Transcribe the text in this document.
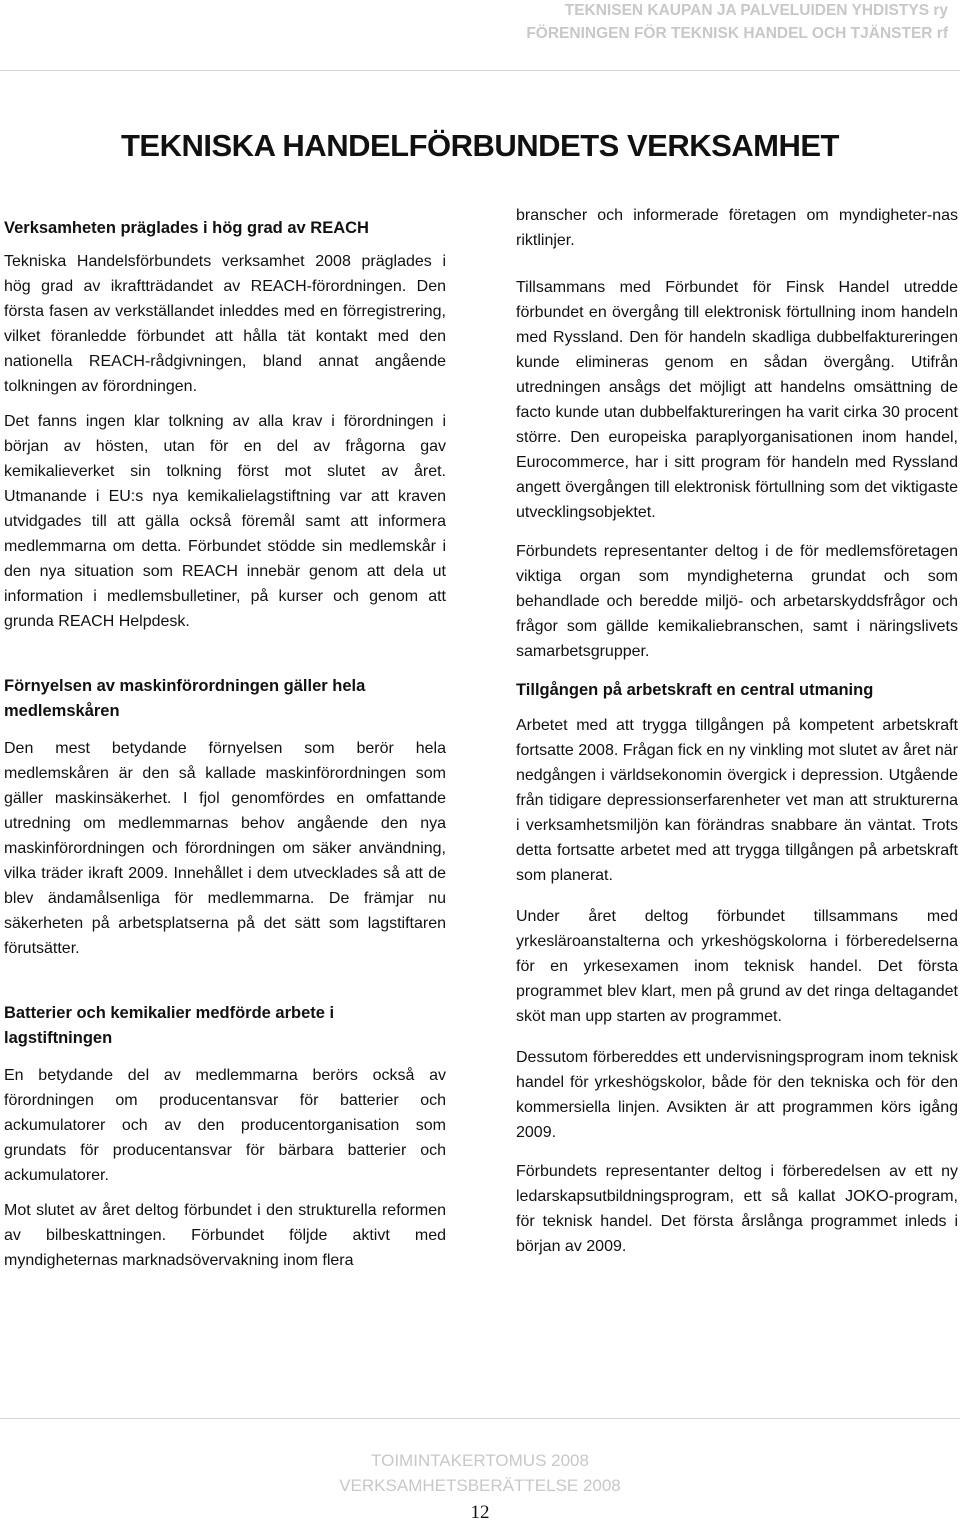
TEKNISEN KAUPAN JA PALVELUIDEN YHDISTYS ry
FÖRENINGEN FÖR TEKNISK HANDEL OCH TJÄNSTER rf
TEKNISKA HANDELFÖRBUNDETS VERKSAMHET
Verksamheten präglades i hög grad av REACH

Tekniska Handelsförbundets verksamhet 2008 präglades i hög grad av ikraftträdandet av REACH-förordningen. Den första fasen av verkställandet inleddes med en förregistrering, vilket föranledde förbundet att hålla tät kontakt med den nationella REACH-rådgivningen, bland annat angående tolkningen av förordningen.

Det fanns ingen klar tolkning av alla krav i förordningen i början av hösten, utan för en del av frågorna gav kemikalieverket sin tolkning först mot slutet av året. Utmanande i EU:s nya kemikalielagstiftning var att kraven utvidgades till att gälla också föremål samt att informera medlemmarna om detta. Förbundet stödde sin medlemskår i den nya situation som REACH innebär genom att dela ut information i medlemsbulletiner, på kurser och genom att grunda REACH Helpdesk.

Förnyelsen av maskinförordningen gäller hela medlemskåren

Den mest betydande förnyelsen som berör hela medlemskåren är den så kallade maskinförordningen som gäller maskinsäkerhet. I fjol genomfördes en omfattande utredning om medlemmarnas behov angående den nya maskinförordningen och förordningen om säker användning, vilka träder ikraft 2009. Innehållet i dem utvecklades så att de blev ändamålsenliga för medlemmarna. De främjar nu säkerheten på arbetsplatserna på det sätt som lagstiftaren förutsätter.

Batterier och kemikalier medförde arbete i lagstiftningen

En betydande del av medlemmarna berörs också av förordningen om producentansvar för batterier och ackumulatorer och av den producentorganisation som grundats för producentansvar för bärbara batterier och ackumulatorer.

Mot slutet av året deltog förbundet i den strukturella reformen av bilbeskattningen. Förbundet följde aktivt med myndigheternas marknadsövervakning inom flera

branscher och informerade företagen om myndigheter-nas riktlinjer.

Tillsammans med Förbundet för Finsk Handel utredde förbundet en övergång till elektronisk förtullning inom handeln med Ryssland. Den för handeln skadliga dubbelfaktureringen kunde elimineras genom en sådan övergång. Utifrån utredningen ansågs det möjligt att handelns omsättning de facto kunde utan dubbelfaktureringen ha varit cirka 30 procent större. Den europeiska paraplyorganisationen inom handel, Eurocommerce, har i sitt program för handeln med Ryssland angett övergången till elektronisk förtullning som det viktigaste utvecklingsobjektet.

Förbundets representanter deltog i de för medlemsföretagen viktiga organ som myndigheterna grundat och som behandlade och beredde miljö- och arbetarskyddsfrågor och frågor som gällde kemikaliebranschen, samt i näringslivets samarbetsgrupper.

Tillgången på arbetskraft en central utmaning

Arbetet med att trygga tillgången på kompetent arbetskraft fortsatte 2008. Frågan fick en ny vinkling mot slutet av året när nedgången i världsekonomin övergick i depression. Utgående från tidigare depressionserfarenheter vet man att strukturerna i verksamhetsmiljön kan förändras snabbare än väntat. Trots detta fortsatte arbetet med att trygga tillgången på arbetskraft som planerat.

Under året deltog förbundet tillsammans med yrkesläroanstalterna och yrkeshögskolorna i förberedelserna för en yrkesexamen inom teknisk handel. Det första programmet blev klart, men på grund av det ringa deltagandet sköt man upp starten av programmet.

Dessutom förbereddes ett undervisningsprogram inom teknisk handel för yrkeshögskolor, både för den tekniska och för den kommersiella linjen. Avsikten är att programmen körs igång 2009.

Förbundets representanter deltog i förberedelsen av ett ny ledarskapsutbildningsprogram, ett så kallat JOKO-program, för teknisk handel. Det första årslånga programmet inleds i början av 2009.

TOIMINTAKERTOMUS 2008
VERKSAMHETSBERÄTTELSE 2008
12
